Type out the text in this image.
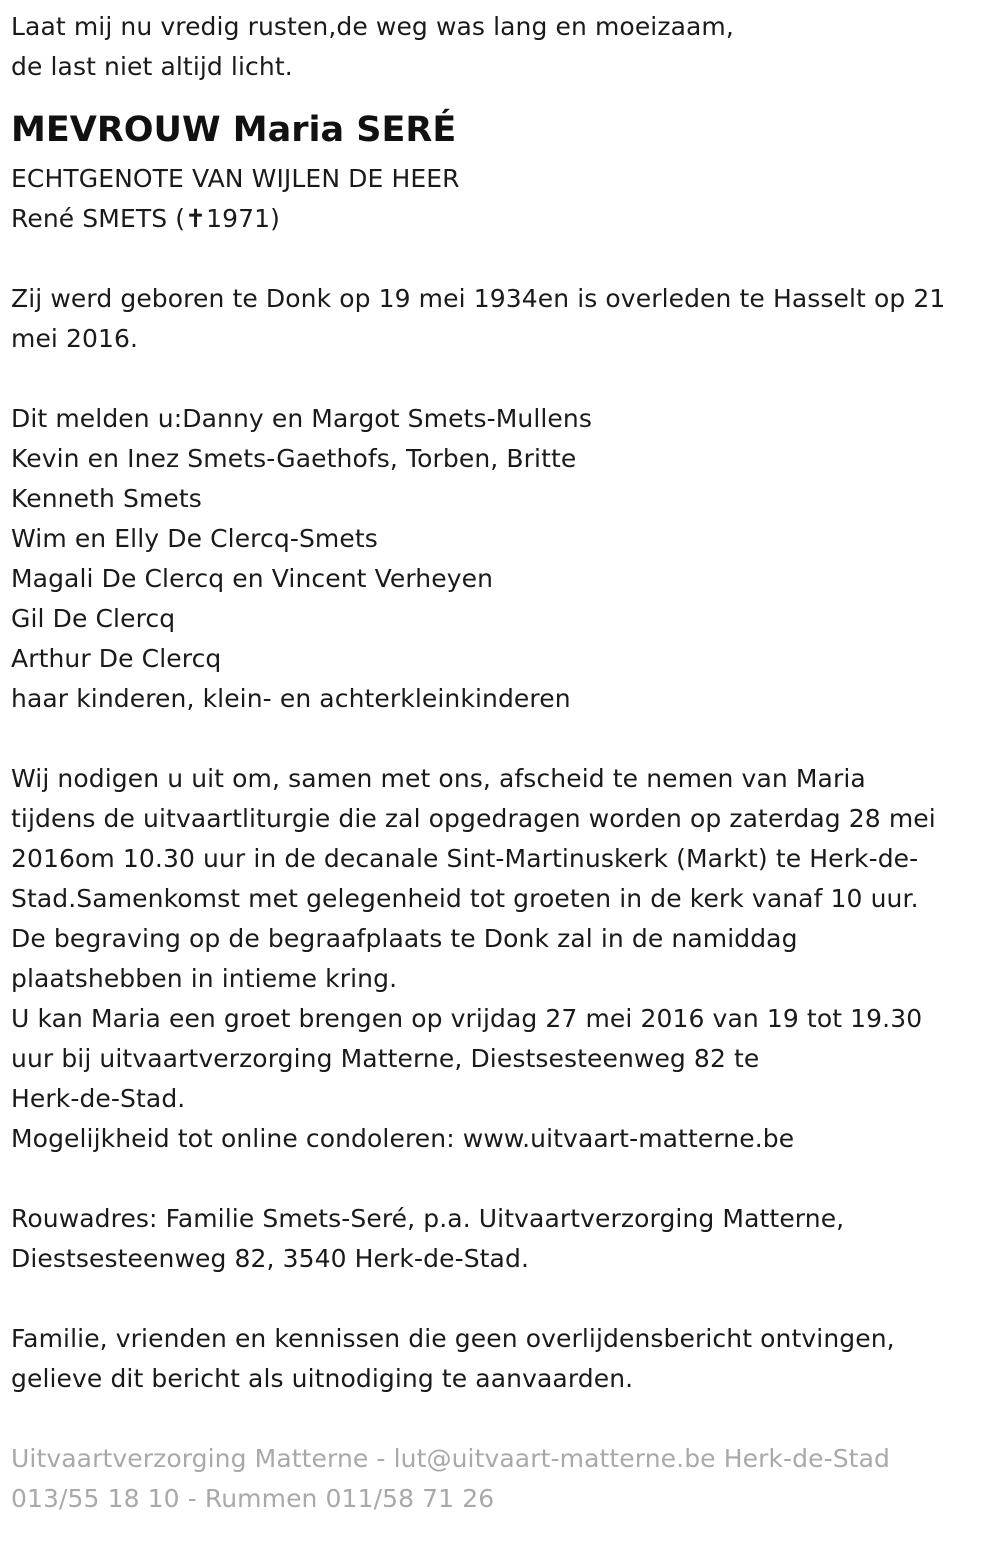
Laat mij nu vredig rusten,de weg was lang en moeizaam,
de last niet altijd licht.
MEVROUW Maria SERÉ
ECHTGENOTE VAN WIJLEN DE HEER
René SMETS (✝1971)
Zij werd geboren te Donk op 19 mei 1934en is overleden te Hasselt op 21
mei 2016.
Dit melden u:Danny en Margot Smets-Mullens
Kevin en Inez Smets-Gaethofs, Torben, Britte
Kenneth Smets
Wim en Elly De Clercq-Smets
Magali De Clercq en Vincent Verheyen
Gil De Clercq
Arthur De Clercq
haar kinderen, klein- en achterkleinkinderen
Wij nodigen u uit om, samen met ons, afscheid te nemen van Maria
tijdens de uitvaartliturgie die zal opgedragen worden op zaterdag 28 mei
2016om 10.30 uur in de decanale Sint-Martinuskerk (Markt) te Herk-de-
Stad.Samenkomst met gelegenheid tot groeten in de kerk vanaf 10 uur.
De begraving op de begraafplaats te Donk zal in de namiddag
plaatshebben in intieme kring.
U kan Maria een groet brengen op vrijdag 27 mei 2016 van 19 tot 19.30
uur bij uitvaartverzorging Matterne, Diestsesteenweg 82 te
Herk-de-Stad.
Mogelijkheid tot online condoleren: www.uitvaart-matterne.be
Rouwadres: Familie Smets-Seré, p.a. Uitvaartverzorging Matterne,
Diestsesteenweg 82, 3540 Herk-de-Stad.
Familie, vrienden en kennissen die geen overlijdensbericht ontvingen,
gelieve dit bericht als uitnodiging te aanvaarden.
Uitvaartverzorging Matterne - lut@uitvaart-matterne.be Herk-de-Stad
013/55 18 10 - Rummen 011/58 71 26
